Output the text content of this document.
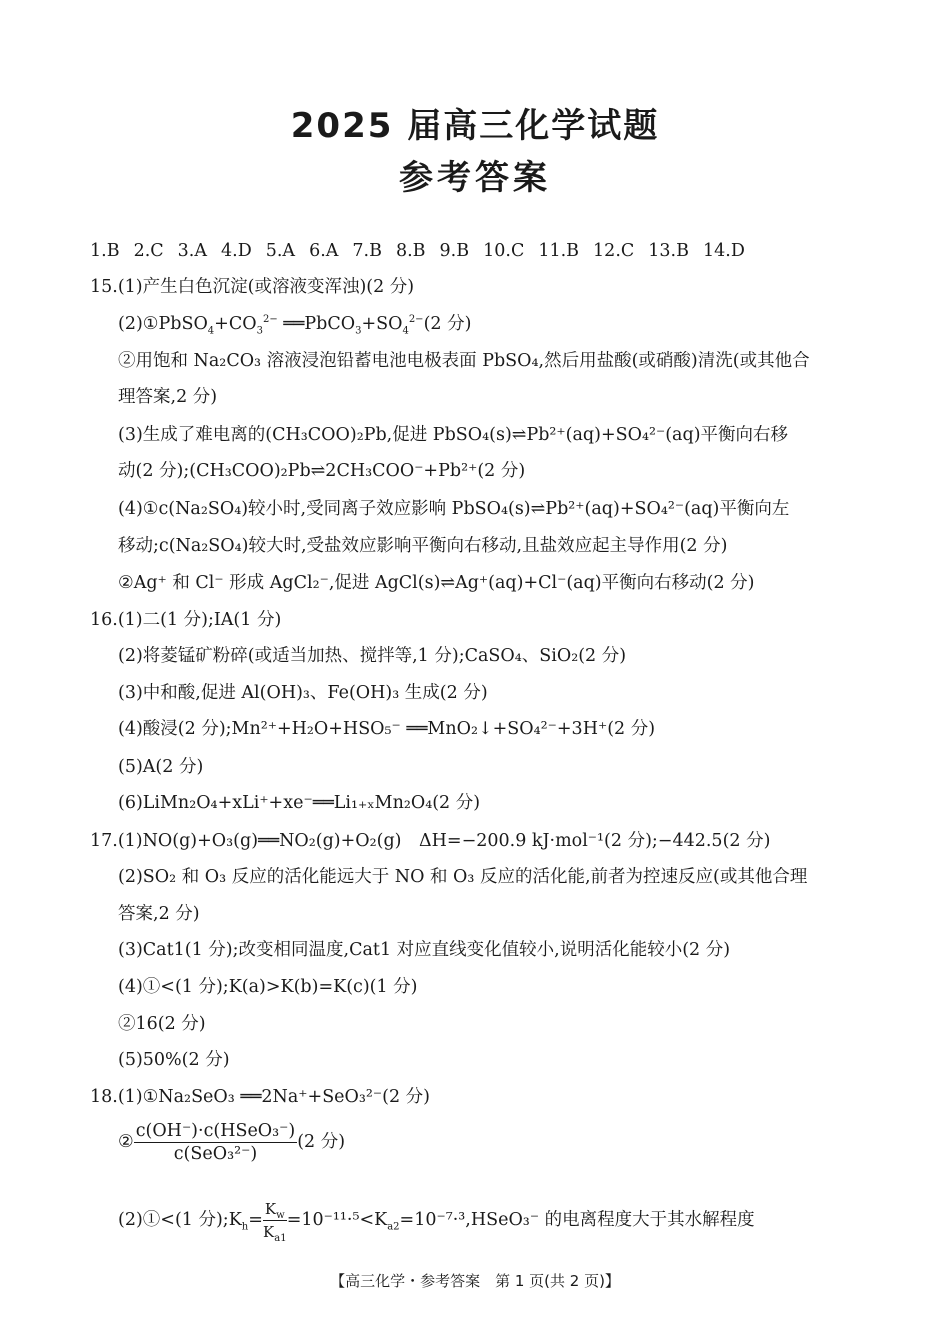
2025 届高三化学试题
参考答案
1.B 2.C 3.A 4.D 5.A 6.A 7.B 8.B 9.B 10.C 11.B 12.C 13.B 14.D
15.(1)产生白色沉淀(或溶液变浑浊)(2 分)
$(2)①PbSO_4+CO_3^{2-}$ $══PbCO_3+SO_4^{2-}(2$ 分)
②用饱和 Na₂CO₃ 溶液浸泡铅蓄电池电极表面 PbSO₄,然后用盐酸(或硝酸)清洗(或其他合
理答案,2 分)
(3)生成了难电离的(CH₃COO)₂Pb,促进 PbSO₄(s)⇌Pb²⁺(aq)+SO₄²⁻(aq)平衡向右移
动(2 分);(CH₃COO)₂Pb⇌2CH₃COO⁻+Pb²⁺(2 分)
(4)①c(Na₂SO₄)较小时,受同离子效应影响 PbSO₄(s)⇌Pb²⁺(aq)+SO₄²⁻(aq)平衡向左
移动;c(Na₂SO₄)较大时,受盐效应影响平衡向右移动,且盐效应起主导作用(2 分)
②Ag⁺ 和 Cl⁻ 形成 AgCl₂⁻,促进 AgCl(s)⇌Ag⁺(aq)+Cl⁻(aq)平衡向右移动(2 分)
16.(1)二(1 分);ⅠA(1 分)
(2)将菱锰矿粉碎(或适当加热、搅拌等,1 分);CaSO₄、SiO₂(2 分)
(3)中和酸,促进 Al(OH)₃、Fe(OH)₃ 生成(2 分)
(4)酸浸(2 分);Mn²⁺+H₂O+HSO₅⁻ ══MnO₂↓+SO₄²⁻+3H⁺(2 分)
(5)A(2 分)
(6)LiMn₂O₄+xLi⁺+xe⁻══Li₁₊ₓMn₂O₄(2 分)
17.(1)NO(g)+O₃(g)══NO₂(g)+O₂(g)　ΔH=−200.9 kJ·mol⁻¹(2 分);−442.5(2 分)
(2)SO₂ 和 O₃ 反应的活化能远大于 NO 和 O₃ 反应的活化能,前者为控速反应(或其他合理
答案,2 分)
(3)Cat1(1 分);改变相同温度,Cat1 对应直线变化值较小,说明活化能较小(2 分)
(4)①<(1 分);K(a)>K(b)=K(c)(1 分)
②16(2 分)
(5)50%(2 分)
18.(1)①Na₂SeO₃ ══2Na⁺+SeO₃²⁻(2 分)
② $\frac{\text{c(OH⁻)·c(HSeO₃⁻)}}{\text{c(SeO₃²⁻)}} (2$ 分)
(2)①<(1 分)$;K_h= \frac{K_w}{K_{a1}}$ $=10^{-11}\cdot^5<K_{a2}=10^{-7}\cdot^3,HSeO_3^-$ 的电离程度大于其水解程度
【高三化学・参考答案　第 1 页(共 2 页)】
